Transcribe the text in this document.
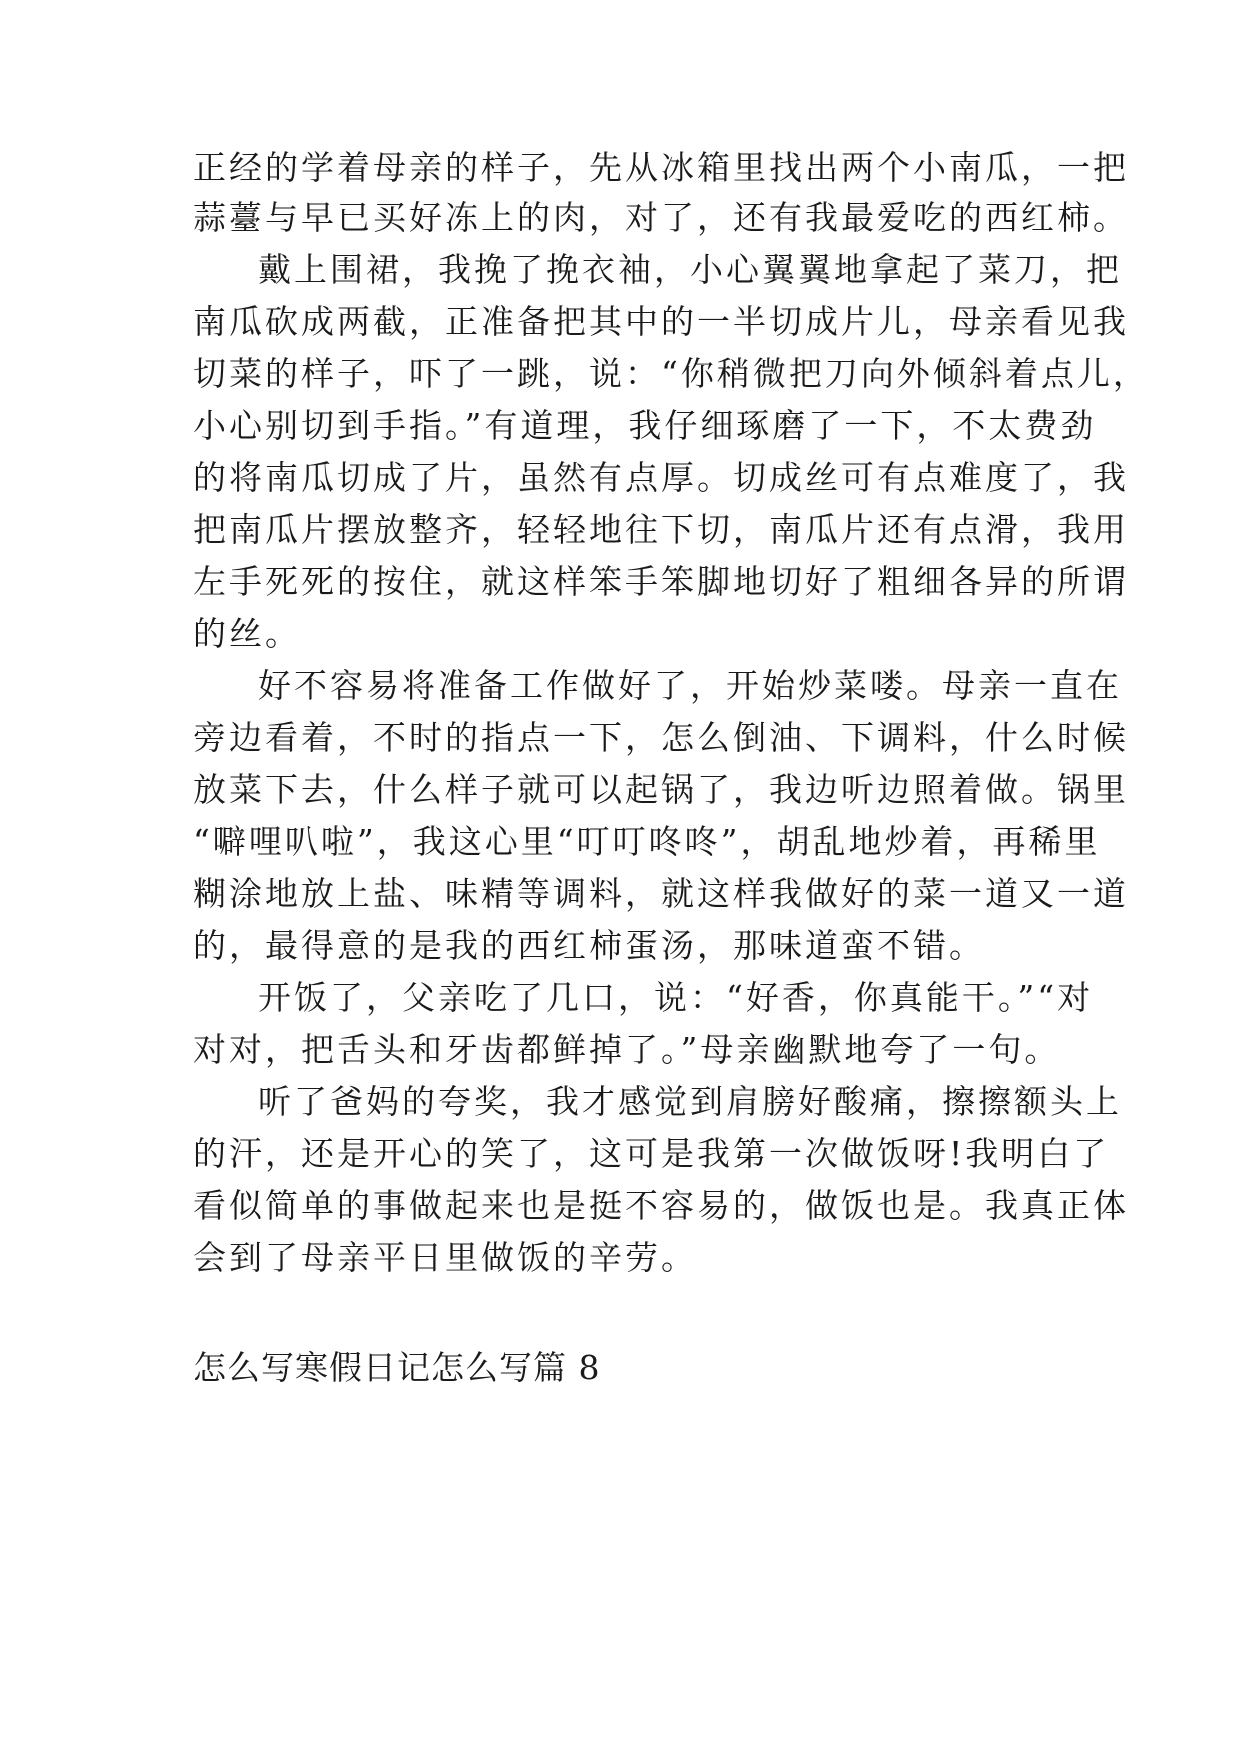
正经的学着母亲的样子，先从冰箱里找出两个小南瓜，一把
蒜薹与早已买好冻上的肉，对了，还有我最爱吃的西红柿。
戴上围裙，我挽了挽衣袖，小心翼翼地拿起了菜刀，把
南瓜砍成两截，正准备把其中的一半切成片儿，母亲看见我
切菜的样子，吓了一跳，说：“你稍微把刀向外倾斜着点儿，
小心别切到手指。”有道理，我仔细琢磨了一下，不太费劲
的将南瓜切成了片，虽然有点厚。切成丝可有点难度了，我
把南瓜片摆放整齐，轻轻地往下切，南瓜片还有点滑，我用
左手死死的按住，就这样笨手笨脚地切好了粗细各异的所谓
的丝。
好不容易将准备工作做好了，开始炒菜喽。母亲一直在
旁边看着，不时的指点一下，怎么倒油、下调料，什么时候
放菜下去，什么样子就可以起锅了，我边听边照着做。锅里
“噼哩叭啦”，我这心里“叮叮咚咚”，胡乱地炒着，再稀里
糊涂地放上盐、味精等调料，就这样我做好的菜一道又一道
的，最得意的是我的西红柿蛋汤，那味道蛮不错。
开饭了，父亲吃了几口，说：“好香，你真能干。”“对
对对，把舌头和牙齿都鲜掉了。”母亲幽默地夸了一句。
听了爸妈的夸奖，我才感觉到肩膀好酸痛，擦擦额头上
的汗，还是开心的笑了，这可是我第一次做饭呀!我明白了
看似简单的事做起来也是挺不容易的，做饭也是。我真正体
会到了母亲平日里做饭的辛劳。
怎么写寒假日记怎么写篇 8
